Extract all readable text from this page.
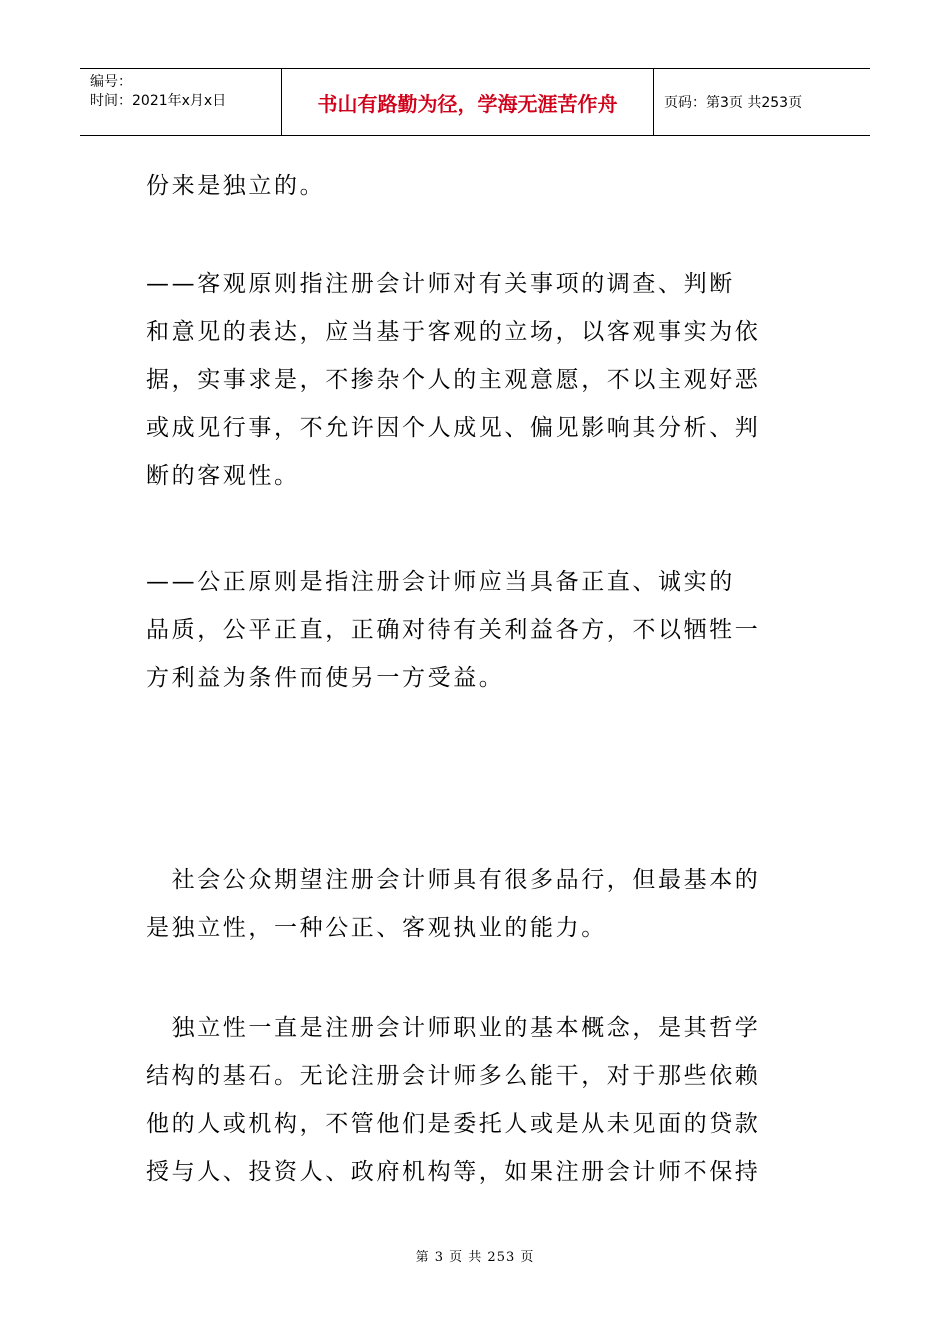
编号：
时间：2021年x月x日	书山有路勤为径，学海无涯苦作舟	页码：第3页 共253页
份来是独立的。
——客观原则指注册会计师对有关事项的调查、判断
和意见的表达，应当基于客观的立场，以客观事实为依
据，实事求是，不掺杂个人的主观意愿，不以主观好恶
或成见行事，不允许因个人成见、偏见影响其分析、判
断的客观性。
——公正原则是指注册会计师应当具备正直、诚实的
品质，公平正直，正确对待有关利益各方，不以牺牲一
方利益为条件而使另一方受益。
　社会公众期望注册会计师具有很多品行，但最基本的
是独立性，一种公正、客观执业的能力。
　独立性一直是注册会计师职业的基本概念，是其哲学
结构的基石。无论注册会计师多么能干，对于那些依赖
他的人或机构，不管他们是委托人或是从未见面的贷款
授与人、投资人、政府机构等，如果注册会计师不保持
第 3 页 共 253 页
